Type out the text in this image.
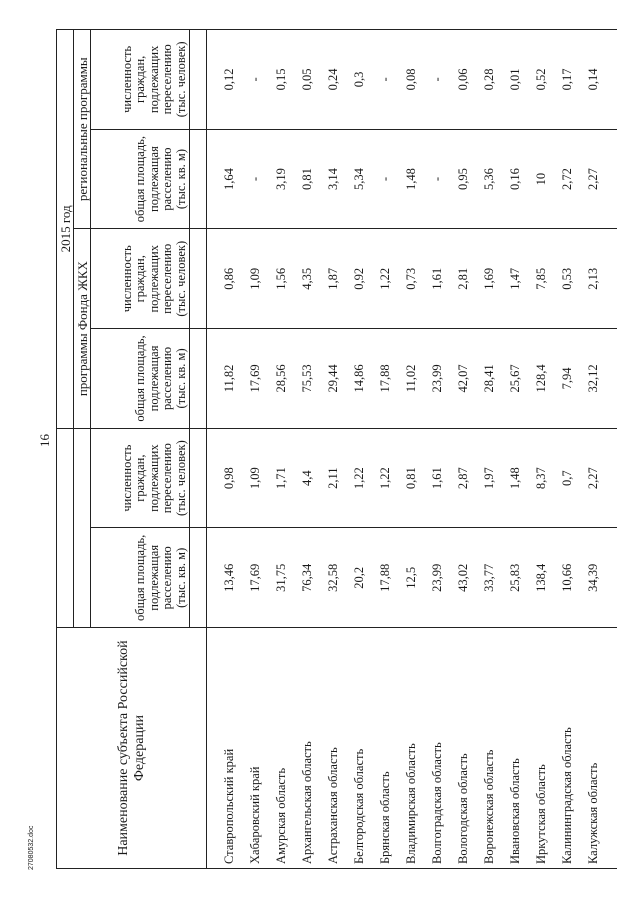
16
Наименование субъекта Российской Федерации			2015 год			
			программы Фонда ЖКХ		региональные программы	
	общая площадь, подлежащая расселению (тыс. кв. м)	численность граждан, подлежащих переселению (тыс. человек)	общая площадь, подлежащая расселению (тыс. кв. м)	численность граждан, подлежащих переселению (тыс. человек)	общая площадь, подлежащая расселению (тыс. кв. м)	численность граждан, подлежащих переселению (тыс. человек)

Ставропольский край	13,46	0,98	11,82	0,86	1,64	0,12
Хабаровский край	17,69	1,09	17,69	1,09	-	-
Амурская область	31,75	1,71	28,56	1,56	3,19	0,15
Архангельская область	76,34	4,4	75,53	4,35	0,81	0,05
Астраханская область	32,58	2,11	29,44	1,87	3,14	0,24
Белгородская область	20,2	1,22	14,86	0,92	5,34	0,3
Брянская область	17,88	1,22	17,88	1,22	-	-
Владимирская область	12,5	0,81	11,02	0,73	1,48	0,08
Волгоградская область	23,99	1,61	23,99	1,61	-	-
Вологодская область	43,02	2,87	42,07	2,81	0,95	0,06
Воронежская область	33,77	1,97	28,41	1,69	5,36	0,28
Ивановская область	25,83	1,48	25,67	1,47	0,16	0,01
Иркутская область	138,4	8,37	128,4	7,85	10	0,52
Калининградская область	10,66	0,7	7,94	0,53	2,72	0,17
Калужская область	34,39	2,27	32,12	2,13	2,27	0,14
27080532.doc
